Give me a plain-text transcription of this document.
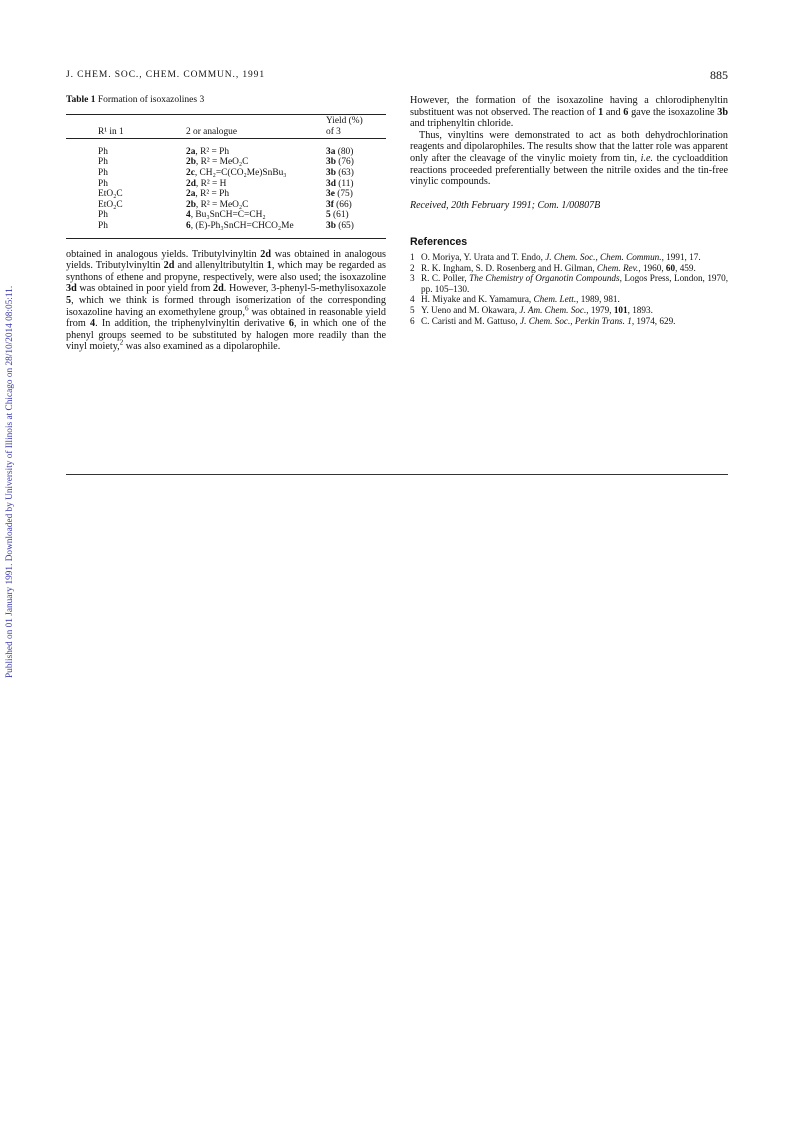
Published on 01 January 1991. Downloaded by University of Illinois at Chicago on 28/10/2014 08:05:11.
J. CHEM. SOC., CHEM. COMMUN., 1991	885
Table 1 Formation of isoxazolines 3
		Yield (%)
R¹ in 1	2 or analogue	of 3
Ph	2a, R² = Ph	3a (80)
Ph	2b, R² = MeO₂C	3b (76)
Ph	2c, CH₂=C(CO₂Me)SnBu₃	3b (63)
Ph	2d, R² = H	3d (11)
EtO₂C	2a, R² = Ph	3e (75)
EtO₂C	2b, R² = MeO₂C	3f (66)
Ph	4, Bu₃SnCH=C=CH₂	5 (61)
Ph	6, (E)-Ph₃SnCH=CHCO₂Me	3b (65)

obtained in analogous yields. Tributylvinyltin 2d was obtained in analogous yields. Tributylvinyltin 2d and allenyltributyltin 1, which may be regarded as synthons of ethene and propyne, respectively, were also used; the isoxazoline 3d was obtained in poor yield from 2d. However, 3-phenyl-5-methylisoxazole 5, which we think is formed through isomerization of the corresponding isoxazoline having an exomethylene group,$^6$ was obtained in reasonable yield from 4. In addition, the triphenylvinyltin derivative 6, in which one of the phenyl groups seemed to be substituted by halogen more readily than the vinyl moiety,$^2$ was also examined as a dipolarophile.

However, the formation of the isoxazoline having a chlorodiphenyltin substituent was not observed. The reaction of 1 and 6 gave the isoxazoline 3b and triphenyltin chloride.

Thus, vinyltins were demonstrated to act as both dehydrochlorination reagents and dipolarophiles. The results show that the latter role was apparent only after the cleavage of the vinylic moiety from tin, i.e. the cycloaddition reactions proceeded preferentially between the nitrile oxides and the tin-free vinylic compounds.

Received, 20th February 1991; Com. 1/00807B

References
1 O. Moriya, Y. Urata and T. Endo, J. Chem. Soc., Chem. Commun., 1991, 17.
2 R. K. Ingham, S. D. Rosenberg and H. Gilman, Chem. Rev., 1960, 60, 459.
3 R. C. Poller, The Chemistry of Organotin Compounds, Logos Press, London, 1970, pp. 105–130.
4 H. Miyake and K. Yamamura, Chem. Lett., 1989, 981.
5 Y. Ueno and M. Okawara, J. Am. Chem. Soc., 1979, 101, 1893.
6 C. Caristi and M. Gattuso, J. Chem. Soc., Perkin Trans. 1, 1974, 629.
